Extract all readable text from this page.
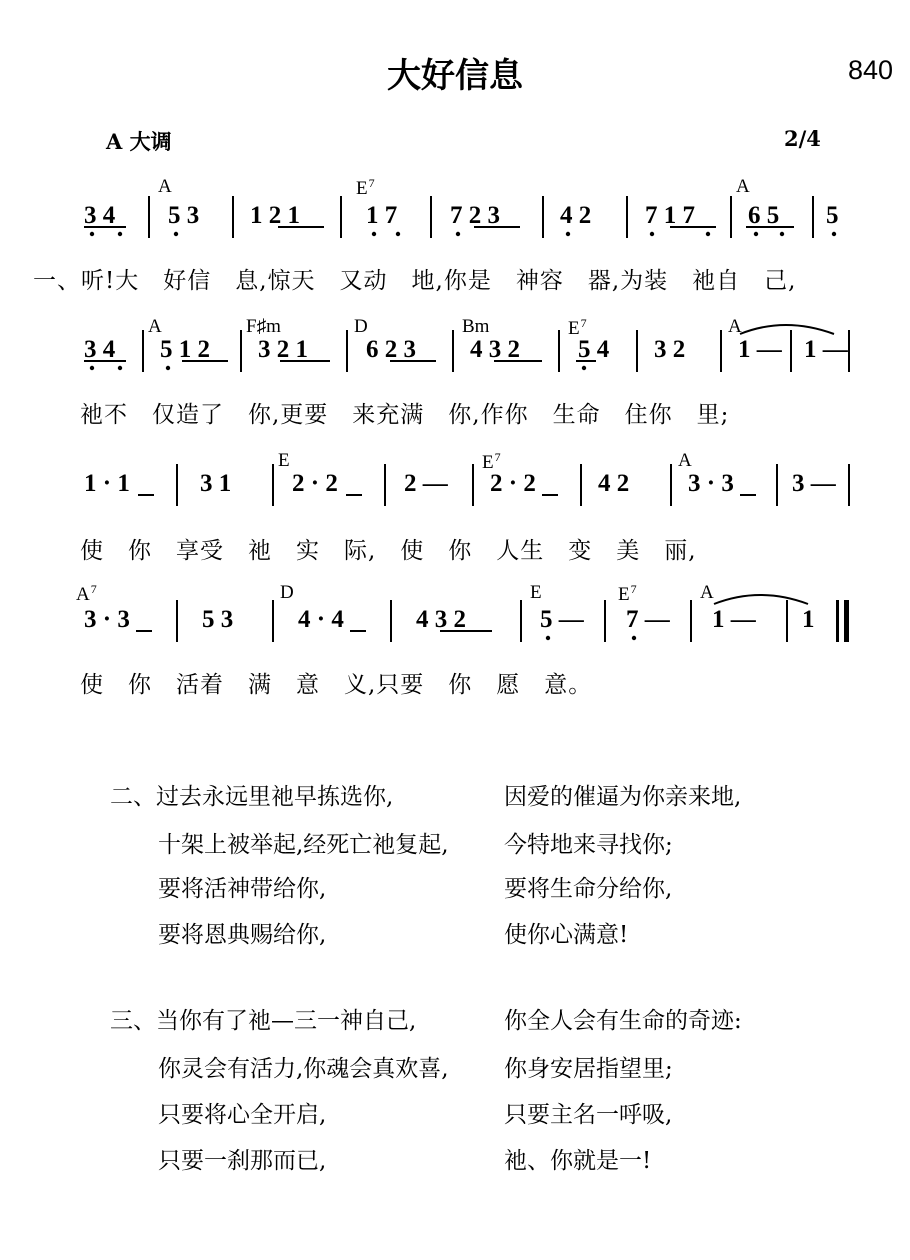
大好信息	840
A 大调	2/4
A	$E^7$	A
3 4 5 3 1 2 1	1 7 7 2 3 4 2 7 1 7 6 5 5
一、听!大　好信　息,惊天　又动　地,你是　神容　器,为装　祂自　己,
A	F♯m	D	Bm	$E^7$	A
3 4 5 1 2 3 2 1 6 2 3 4 3 2 5 4 3 2 1 — 1 —
祂不　仅造了　你,更要　来充满　你,作你　生命　住你　里;
E	$E^7$	A
1 · 1	3 1 2 · 2	2 — 2 · 2 4 2 3 · 3 3 —
使　你　享受　祂　实　际,　使　你　人生　变　美　丽,
$A^7$	D	E	$E^7$	A
3 · 3	5 3	4 · 4	4 3 2	5 — 7 — 1 — 1
使　你　活着　满　意　义,只要　你　愿　意。
二、过去永远里祂早拣选你,	因爱的催逼为你亲来地,
十架上被举起,经死亡祂复起, 今特地来寻找你;
要将活神带给你,	要将生命分给你,
要将恩典赐给你,	使你心满意!
三、当你有了祂—三一神自己,	你全人会有生命的奇迹:
你灵会有活力,你魂会真欢喜, 你身安居指望里;
只要将心全开启,	只要主名一呼吸,
只要一刹那而已,	祂、你就是一!
